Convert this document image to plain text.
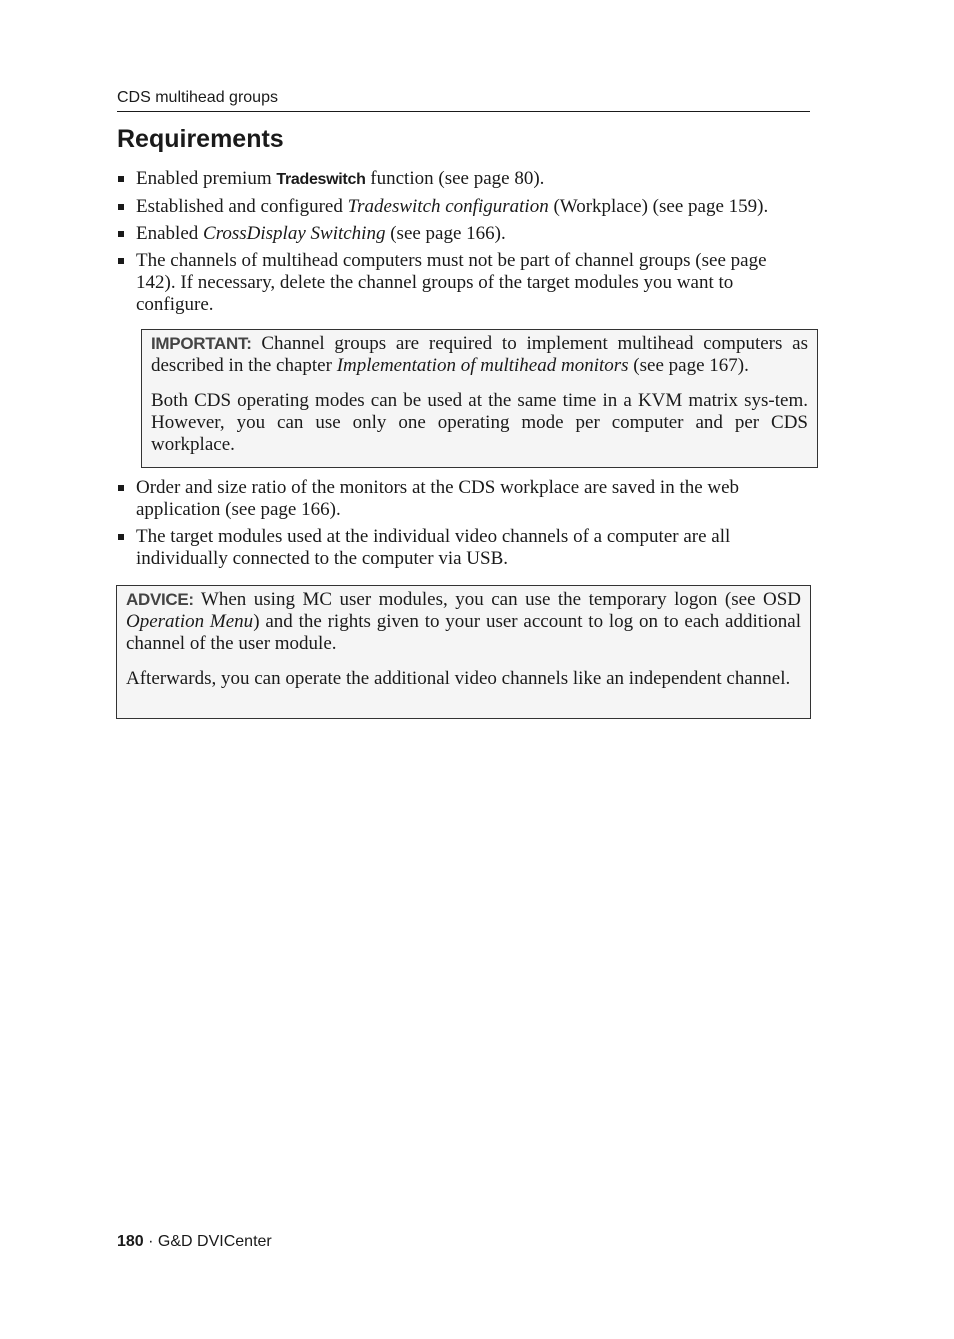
CDS multihead groups
Requirements
Enabled premium Tradeswitch function (see page 80).
Established and configured Tradeswitch configuration (Workplace) (see page 159).
Enabled CrossDisplay Switching (see page 166).
The channels of multihead computers must not be part of channel groups (see page 142). If necessary, delete the channel groups of the target modules you want to configure.

IMPORTANT: Channel groups are required to implement multihead computers as described in the chapter Implementation of multihead monitors (see page 167).

Both CDS operating modes can be used at the same time in a KVM matrix sys-tem. However, you can use only one operating mode per computer and per CDS workplace.

Order and size ratio of the monitors at the CDS workplace are saved in the web application (see page 166).
The target modules used at the individual video channels of a computer are all individually connected to the computer via USB.

ADVICE: When using MC user modules, you can use the temporary logon (see OSD Operation Menu) and the rights given to your user account to log on to each additional channel of the user module.

Afterwards, you can operate the additional video channels like an independent channel.

180 · G&D DVICenter
